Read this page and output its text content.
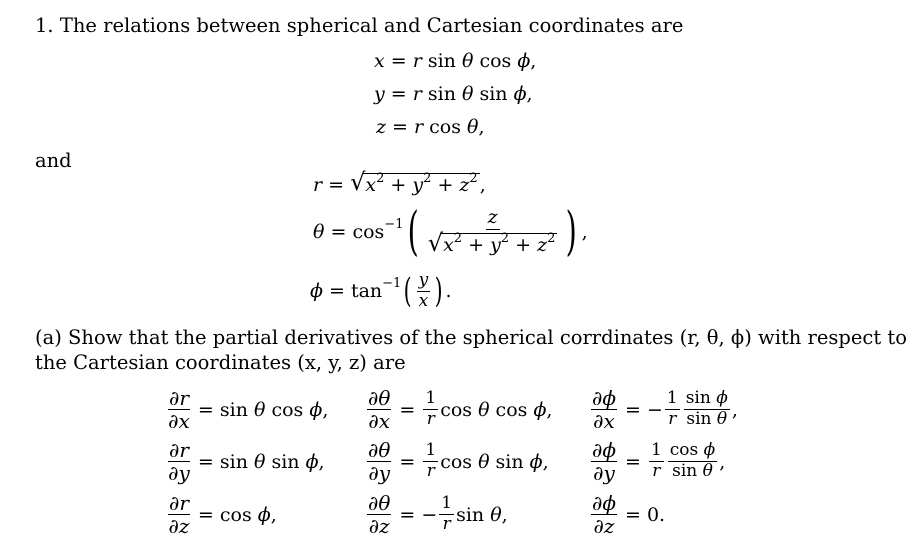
1. The relations between spherical and Cartesian coordinates are
x = r sin θ cos ϕ,
y = r sin θ sin ϕ,
z = r cos θ,
and
$r = √x^2 + y^2 + z^2$ ,
$\theta = \cos^{-1}$ ( $\frac{z}{√x^2 + y^2 + z^2}$ ) ,
$\phi = \tan^{-1}$ ( $\frac{y}{x}$ ) .
(a) Show that the partial derivatives of the spherical corrdinates (r, θ, ϕ) with respect to
the Cartesian coordinates (x, y, z) are
$\frac{\partial r}{\partial x} = \sin \theta$ cos ϕ,
$\frac{\partial r}{\partial y} = \sin \theta$ sin ϕ,
$\frac{\partial r}{\partial z} = \cos \phi$,
$\frac{\partial\theta}{\partial x} = \frac{1}{r}$ cos θ cos ϕ,
$\frac{\partial\theta}{\partial y} = \frac{1}{r}$ cos θ sin ϕ,
$\frac{\partial\theta}{\partial z}$ = − $\frac{1}{r}$ sin θ,
$\frac{\partial\phi}{\partial x}$ = − $\frac{1}{r} \frac{\text{sin ϕ}}{\text{sin θ}}$ ,
$\frac{\partial\phi}{\partial y} = \frac{1}{r} \frac{\text{cos ϕ}}{\text{sin θ}}$ ,
$\frac{\partial\phi}{\partial z} = 0$.
